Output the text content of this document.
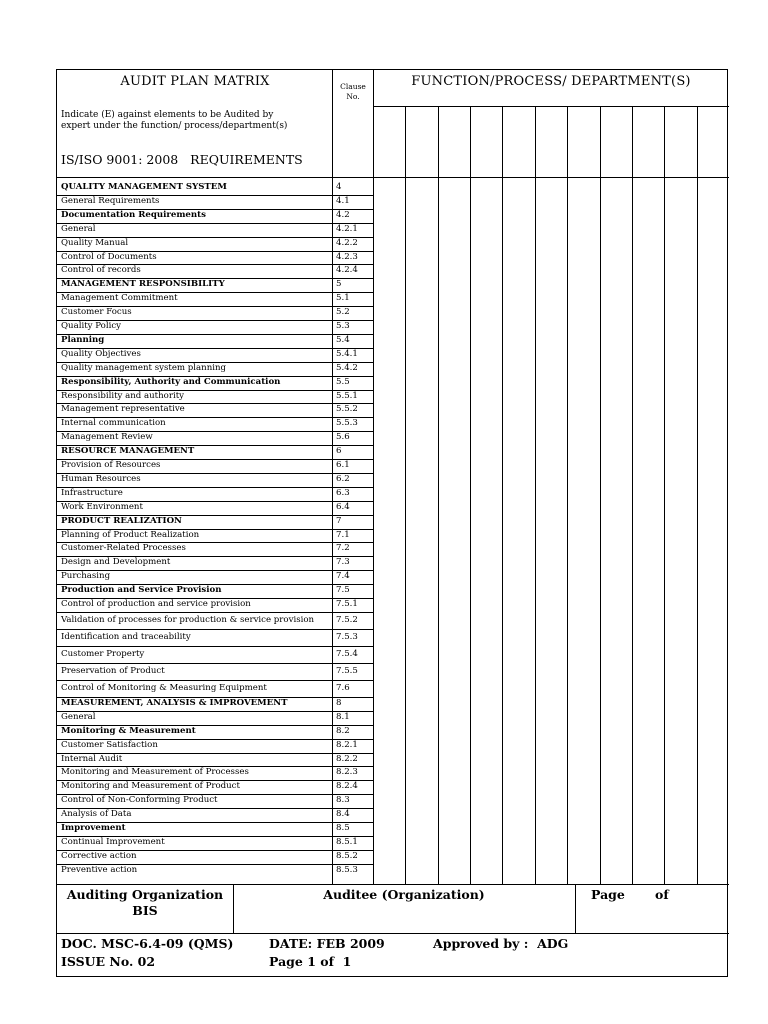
AUDIT PLAN MATRIX	Clause
No.
FUNCTION/PROCESS/ DEPARTMENT(S)
Indicate (E) against elements to be Audited by
expert under the function/ process/department(s)
IS/ISO 9001: 2008   REQUIREMENTS
QUALITY MANAGEMENT SYSTEM	4
General Requirements	4.1
Documentation Requirements	4.2
General	4.2.1
Quality Manual	4.2.2
Control of Documents	4.2.3
Control of records	4.2.4
MANAGEMENT RESPONSIBILITY	5
Management Commitment	5.1
Customer Focus	5.2
Quality Policy	5.3
Planning	5.4
Quality Objectives	5.4.1
Quality management system planning	5.4.2
Responsibility, Authority and Communication	5.5
Responsibility and authority	5.5.1
Management representative	5.5.2
Internal communication	5.5.3
Management Review	5.6
RESOURCE MANAGEMENT	6
Provision of Resources	6.1
Human Resources	6.2
Infrastructure	6.3
Work Environment	6.4
PRODUCT REALIZATION	7
Planning of Product Realization	7.1
Customer-Related Processes	7.2
Design and Development	7.3
Purchasing	7.4
Production and Service Provision	7.5
Control of production and service provision	7.5.1
Validation of processes for production & service provision	7.5.2
Identification and traceability	7.5.3
Customer Property	7.5.4
Preservation of Product	7.5.5
Control of Monitoring & Measuring Equipment	7.6
MEASUREMENT, ANALYSIS & IMPROVEMENT	8
General	8.1
Monitoring & Measurement	8.2
Customer Satisfaction	8.2.1
Internal Audit	8.2.2
Monitoring and Measurement of Processes	8.2.3
Monitoring and Measurement of Product	8.2.4
Control of Non-Conforming Product	8.3
Analysis of Data	8.4
Improvement	8.5
Continual Improvement	8.5.1
Corrective action	8.5.2
Preventive action	8.5.3
Auditing Organization
BIS
Auditee (Organization)	Page of
DOC. MSC-6.4-09 (QMS)	DATE: FEB 2009	Approved by :  ADG
ISSUE No. 02	Page 1 of  1
